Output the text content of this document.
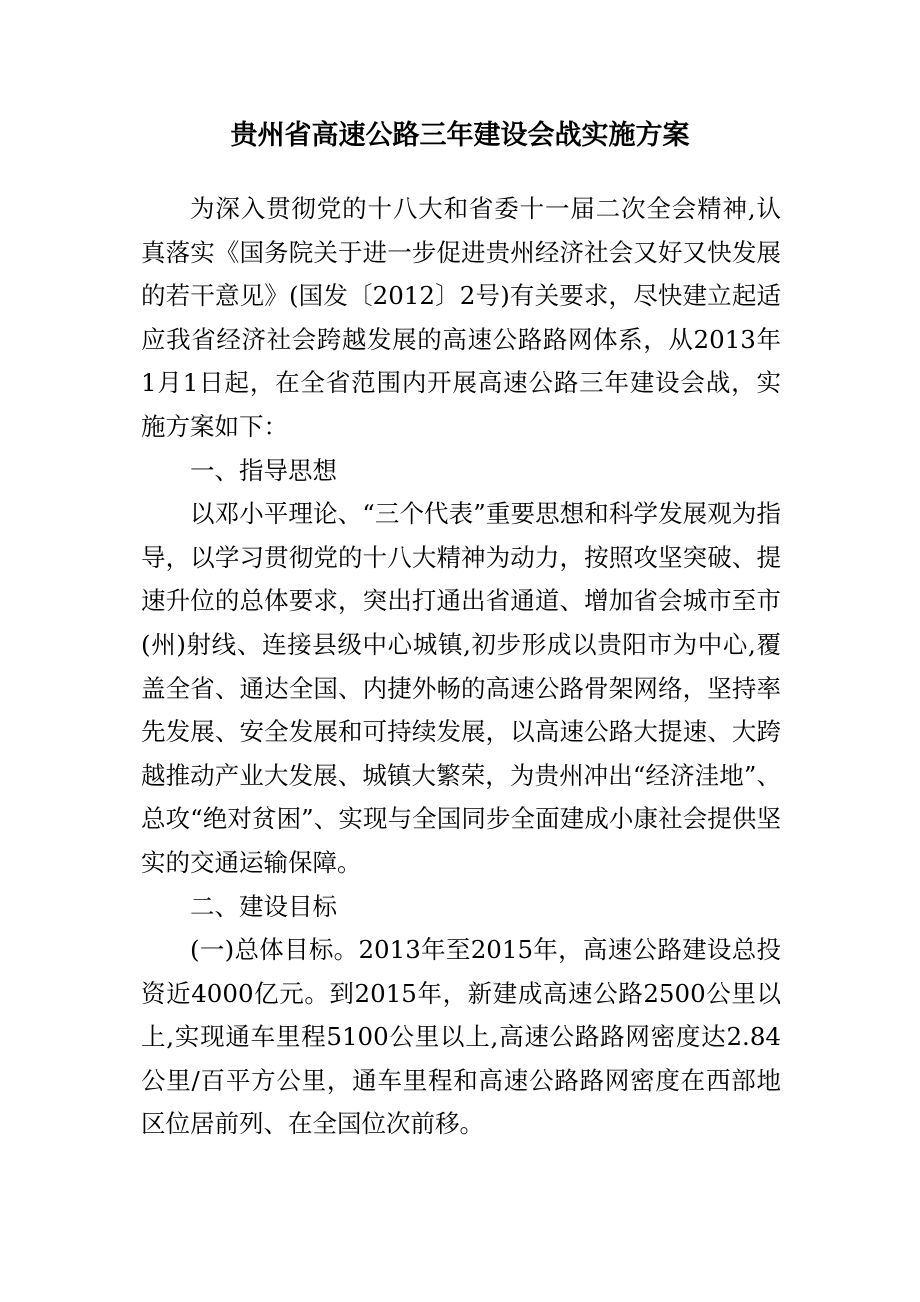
贵州省高速公路三年建设会战实施方案

为深入贯彻党的十八大和省委十一届二次全会精神,认真落实《国务院关于进一步促进贵州经济社会又好又快发展的若干意见》(国发〔2012〕2号)有关要求，尽快建立起适应我省经济社会跨越发展的高速公路路网体系，从2013年1月1日起，在全省范围内开展高速公路三年建设会战，实施方案如下：

一、指导思想

以邓小平理论、“三个代表”重要思想和科学发展观为指导，以学习贯彻党的十八大精神为动力，按照攻坚突破、提速升位的总体要求，突出打通出省通道、增加省会城市至市(州)射线、连接县级中心城镇,初步形成以贵阳市为中心,覆盖全省、通达全国、内捷外畅的高速公路骨架网络，坚持率先发展、安全发展和可持续发展，以高速公路大提速、大跨越推动产业大发展、城镇大繁荣，为贵州冲出“经济洼地”、总攻“绝对贫困”、实现与全国同步全面建成小康社会提供坚实的交通运输保障。

二、建设目标

(一)总体目标。2013年至2015年，高速公路建设总投资近4000亿元。到2015年，新建成高速公路2500公里以上,实现通车里程5100公里以上,高速公路路网密度达2.84公里/百平方公里，通车里程和高速公路路网密度在西部地区位居前列、在全国位次前移。
